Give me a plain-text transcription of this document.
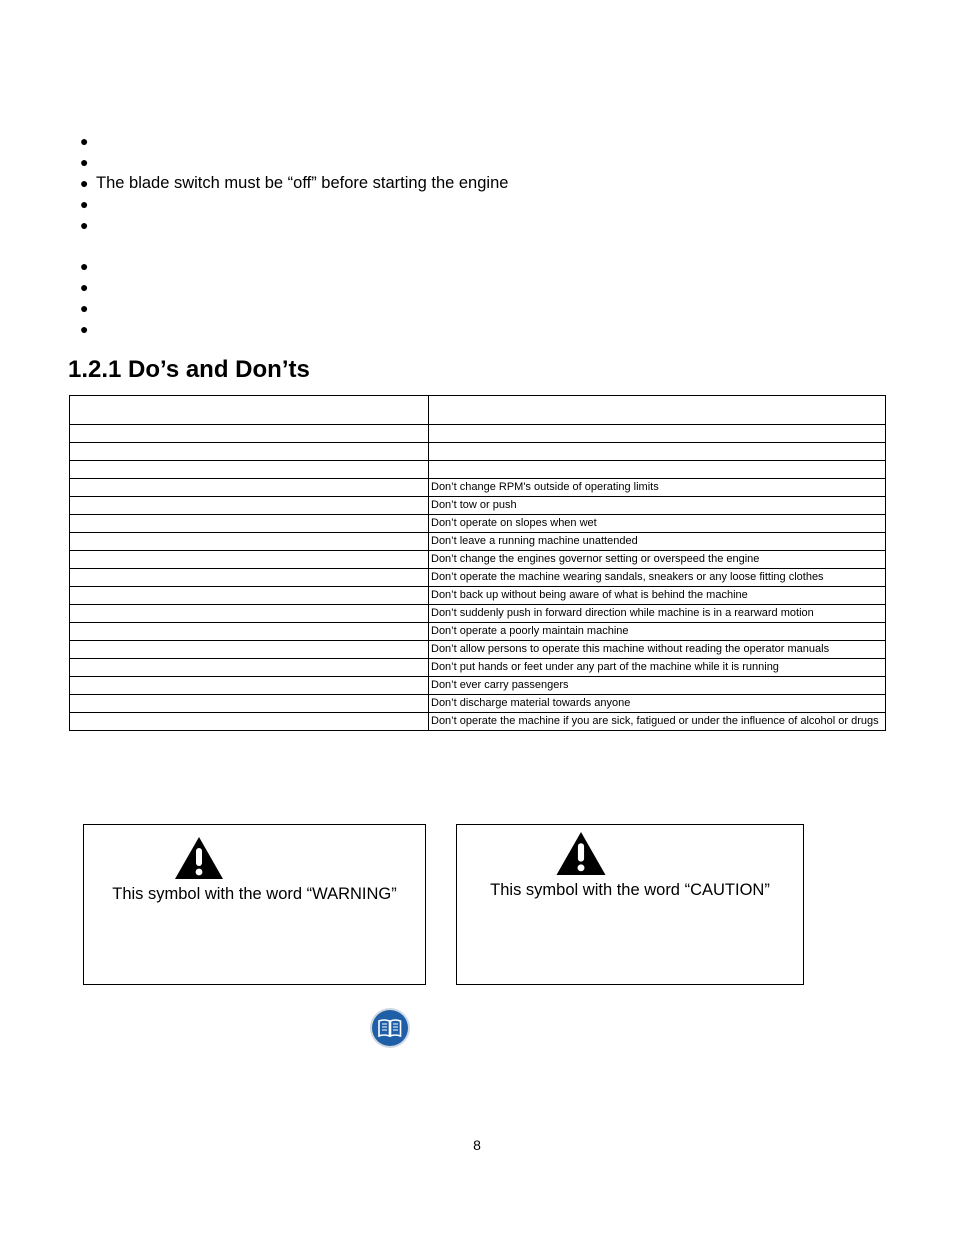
●
●
● The blade switch must be “off” before starting the engine
●
●
●
●
●
●
1.2.1 Do’s and Don’ts

	Don’t change RPM's outside of operating limits
	Don’t tow or push
	Don’t operate on slopes when wet
	Don’t leave a running machine unattended
	Don’t change the engines governor setting or overspeed the engine
	Don’t operate the machine wearing sandals, sneakers or any loose fitting clothes
	Don’t back up without being aware of what is behind the machine
	Don’t suddenly push in forward direction while machine is in a rearward motion
	Don’t operate a poorly maintain machine
	Don’t allow persons to operate this machine without reading the operator manuals
	Don’t put hands or feet under any part of the machine while it is running
	Don’t ever carry passengers
	Don’t discharge material towards anyone
	Don’t operate the machine if you are sick, fatigued or under the influence of alcohol or drugs
This symbol with the word “WARNING”	This symbol with the word “CAUTION”
8
